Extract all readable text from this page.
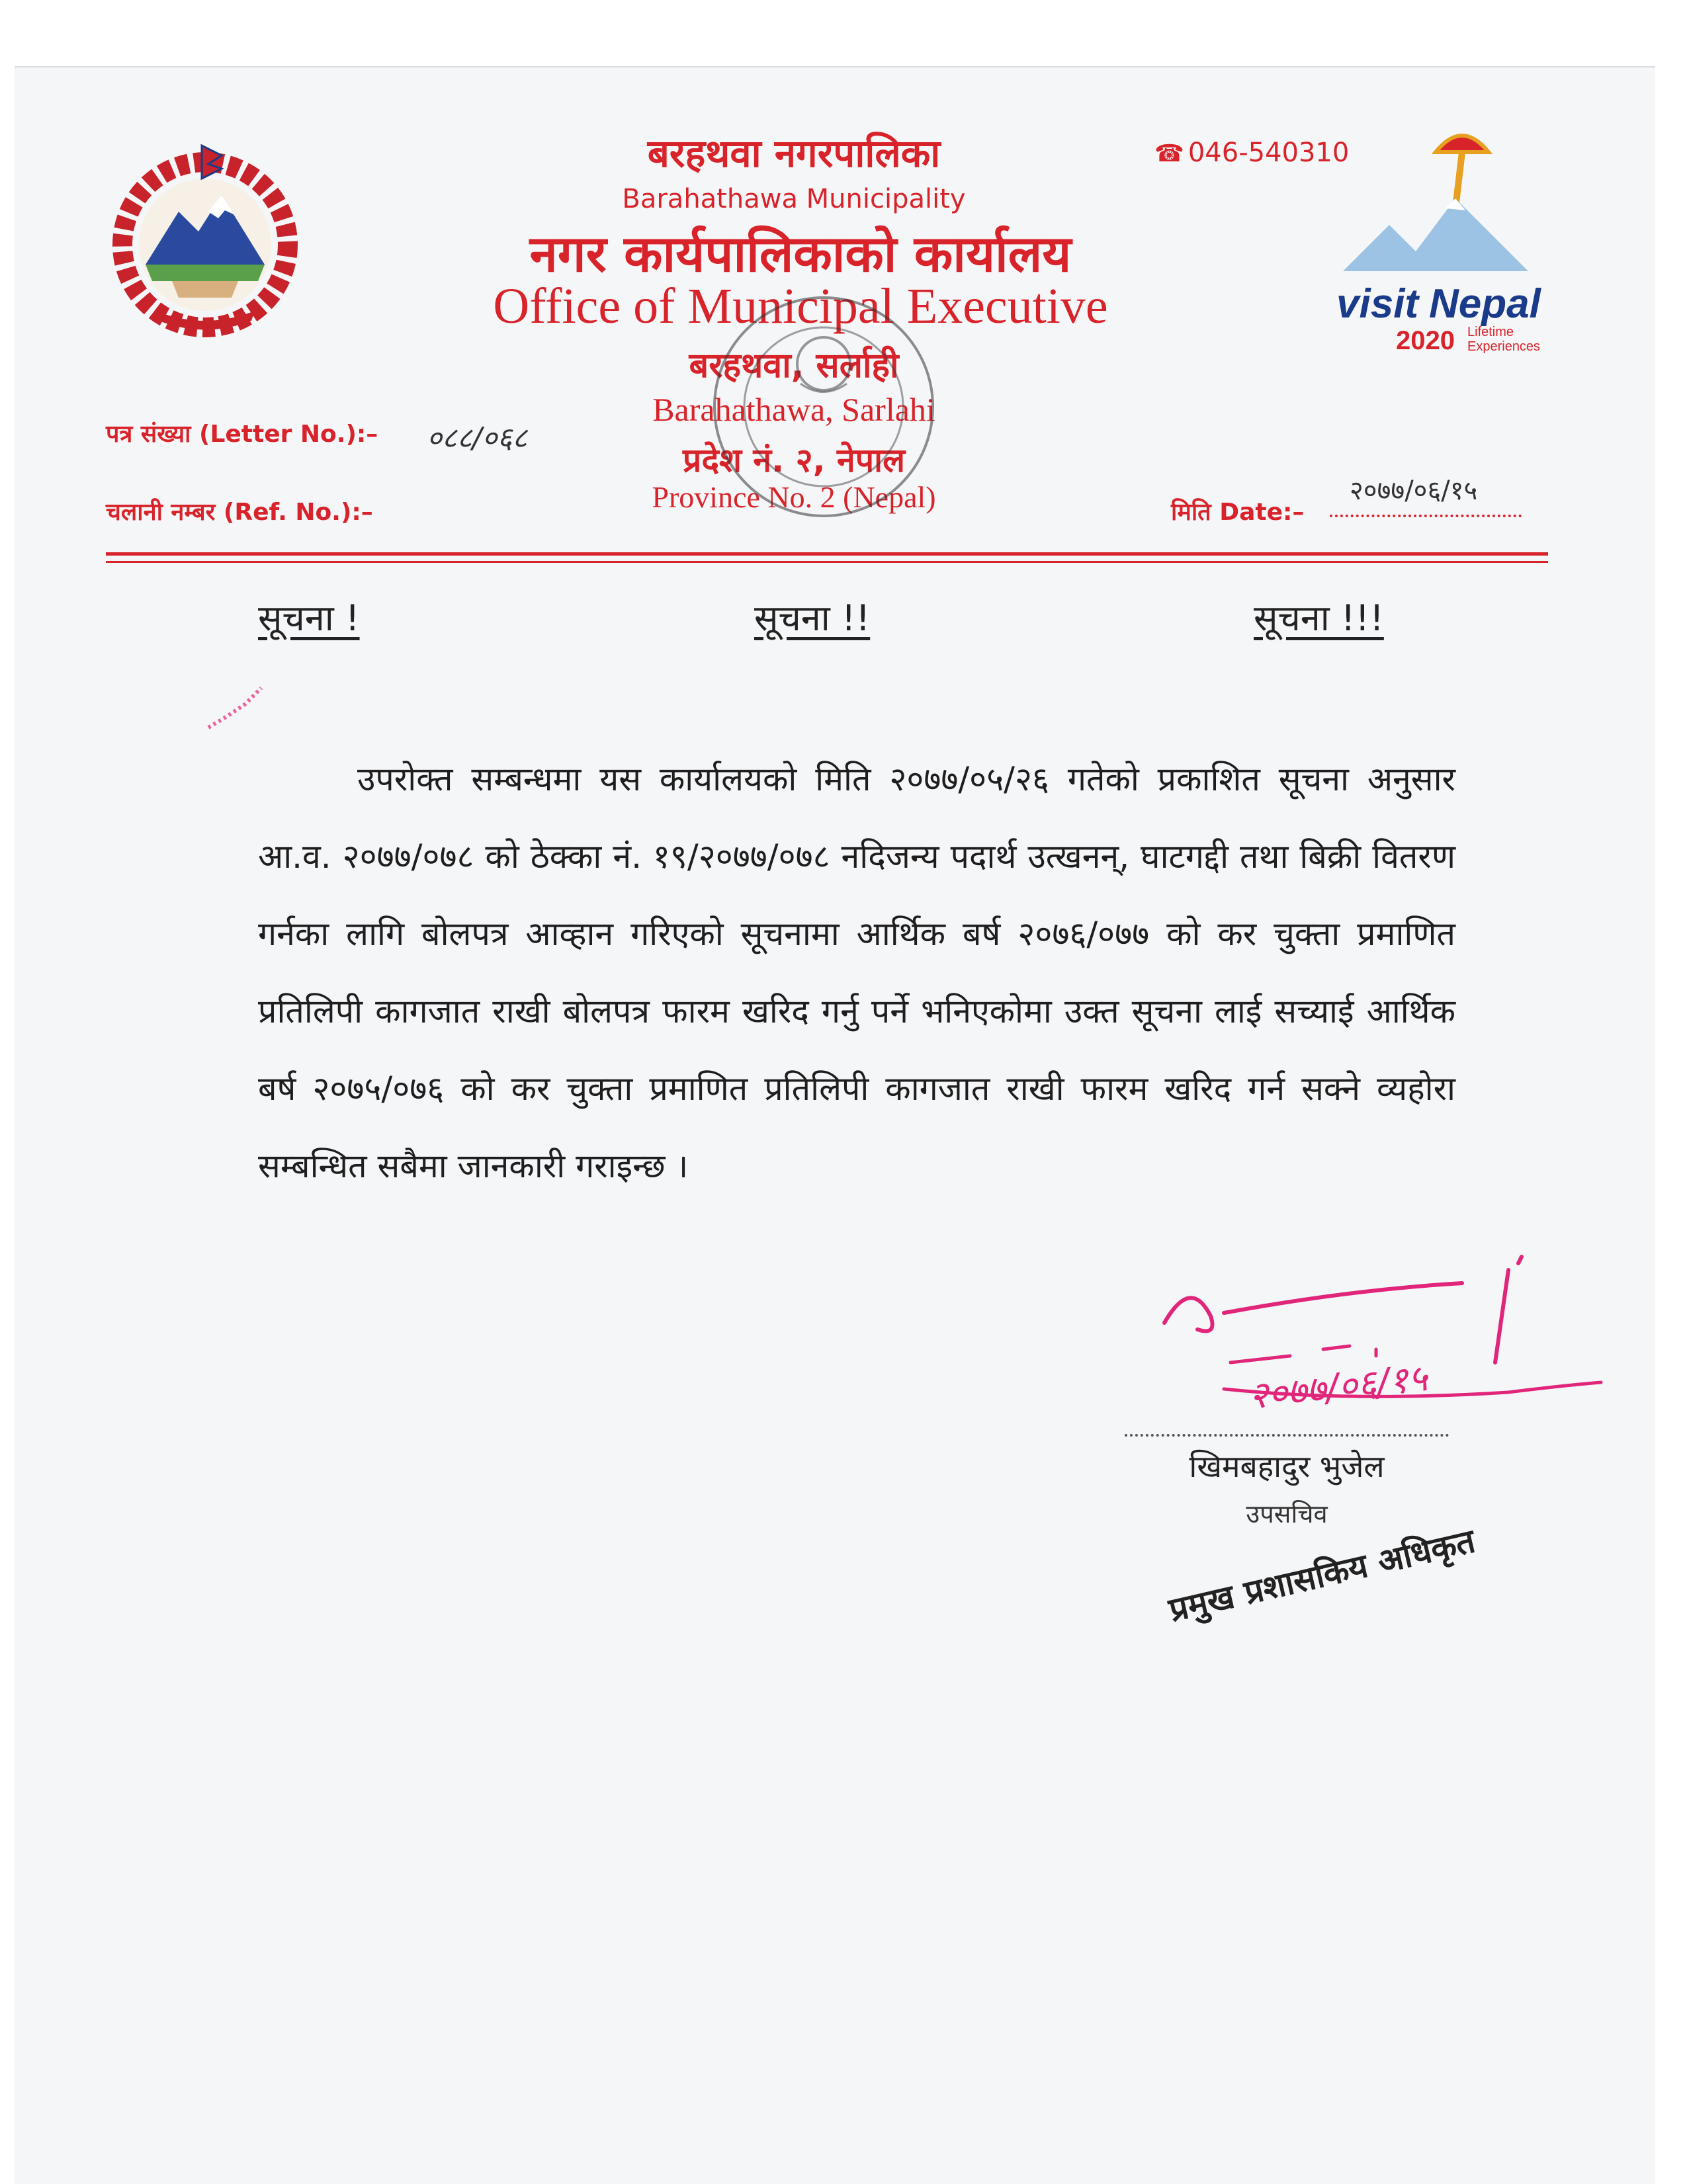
बरहथवा नगरपालिका
Barahathawa Municipality
नगर कार्यपालिकाको कार्यालय
Office of Municipal Executive
बरहथवा, सर्लाही
Barahathawa, Sarlahi
प्रदेश नं. २, नेपाल
Province No. 2 (Nepal)
☎ 046-540310
visit Nepal
2020 Lifetime
Experiences
पत्र संख्या (Letter No.):– ०८८/०६८
चलानी नम्बर (Ref. No.):–	मिति Date:–
२०७७/०६/१५
सूचना !	सूचना !!	सूचना !!!

उपरोक्त सम्बन्धमा यस कार्यालयको मिति २०७७/०५/२६ गतेको प्रकाशित सूचना अनुसार आ.व. २०७७/०७८ को ठेक्का नं. १९/२०७७/०७८ नदिजन्य पदार्थ उत्खनन्, घाटगद्दी तथा बिक्री वितरण गर्नका लागि बोलपत्र आव्हान गरिएको सूचनामा आर्थिक बर्ष २०७६/०७७ को कर चुक्ता प्रमाणित प्रतिलिपी कागजात राखी बोलपत्र फारम खरिद गर्नु पर्ने भनिएकोमा उक्त सूचना लाई सच्याई आर्थिक बर्ष २०७५/०७६ को कर चुक्ता प्रमाणित प्रतिलिपी कागजात राखी फारम खरिद गर्न सक्ने व्यहोरा सम्बन्धित सबैमा जानकारी गराइन्छ ।

२०७७/०६/१५
खिमबहादुर भुजेल
उपसचिव
प्रमुख प्रशासकिय अधिकृत
